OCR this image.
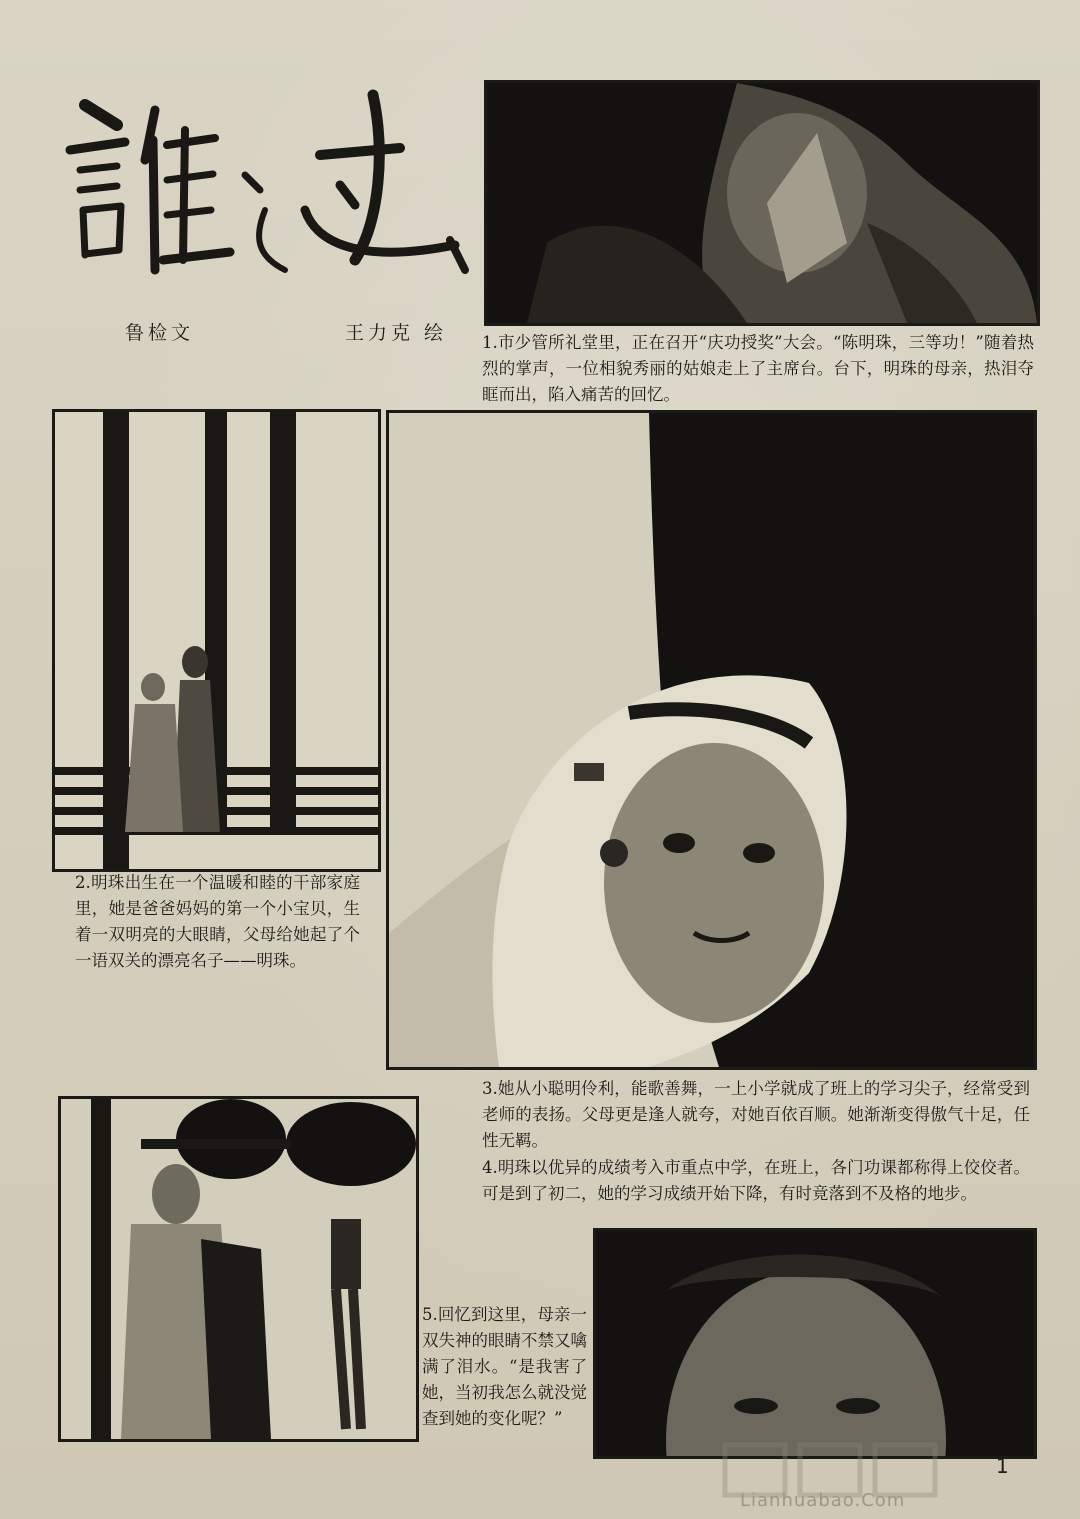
誰過
鲁检文	王力克 绘 1.市少管所礼堂里，正在召开“庆功授奖”大会。“陈明珠，三等功！”随着热烈的掌声，一位相貌秀丽的姑娘走上了主席台。台下，明珠的母亲，热泪夺眶而出，陷入痛苦的回忆。
2.明珠出生在一个温暖和睦的干部家庭里，她是爸爸妈妈的第一个小宝贝，生着一双明亮的大眼睛，父母给她起了个一语双关的漂亮名子——明珠。
3.她从小聪明伶利，能歌善舞，一上小学就成了班上的学习尖子，经常受到老师的表扬。父母更是逢人就夸，对她百依百顺。她渐渐变得傲气十足，任性无羁。
4.明珠以优异的成绩考入市重点中学，在班上，各门功课都称得上佼佼者。可是到了初二，她的学习成绩开始下降，有时竟落到不及格的地步。
5.回忆到这里，母亲一双失神的眼睛不禁又噙满了泪水。“是我害了她，当初我怎么就没觉查到她的变化呢？”
Lianhuabao.Com
1
